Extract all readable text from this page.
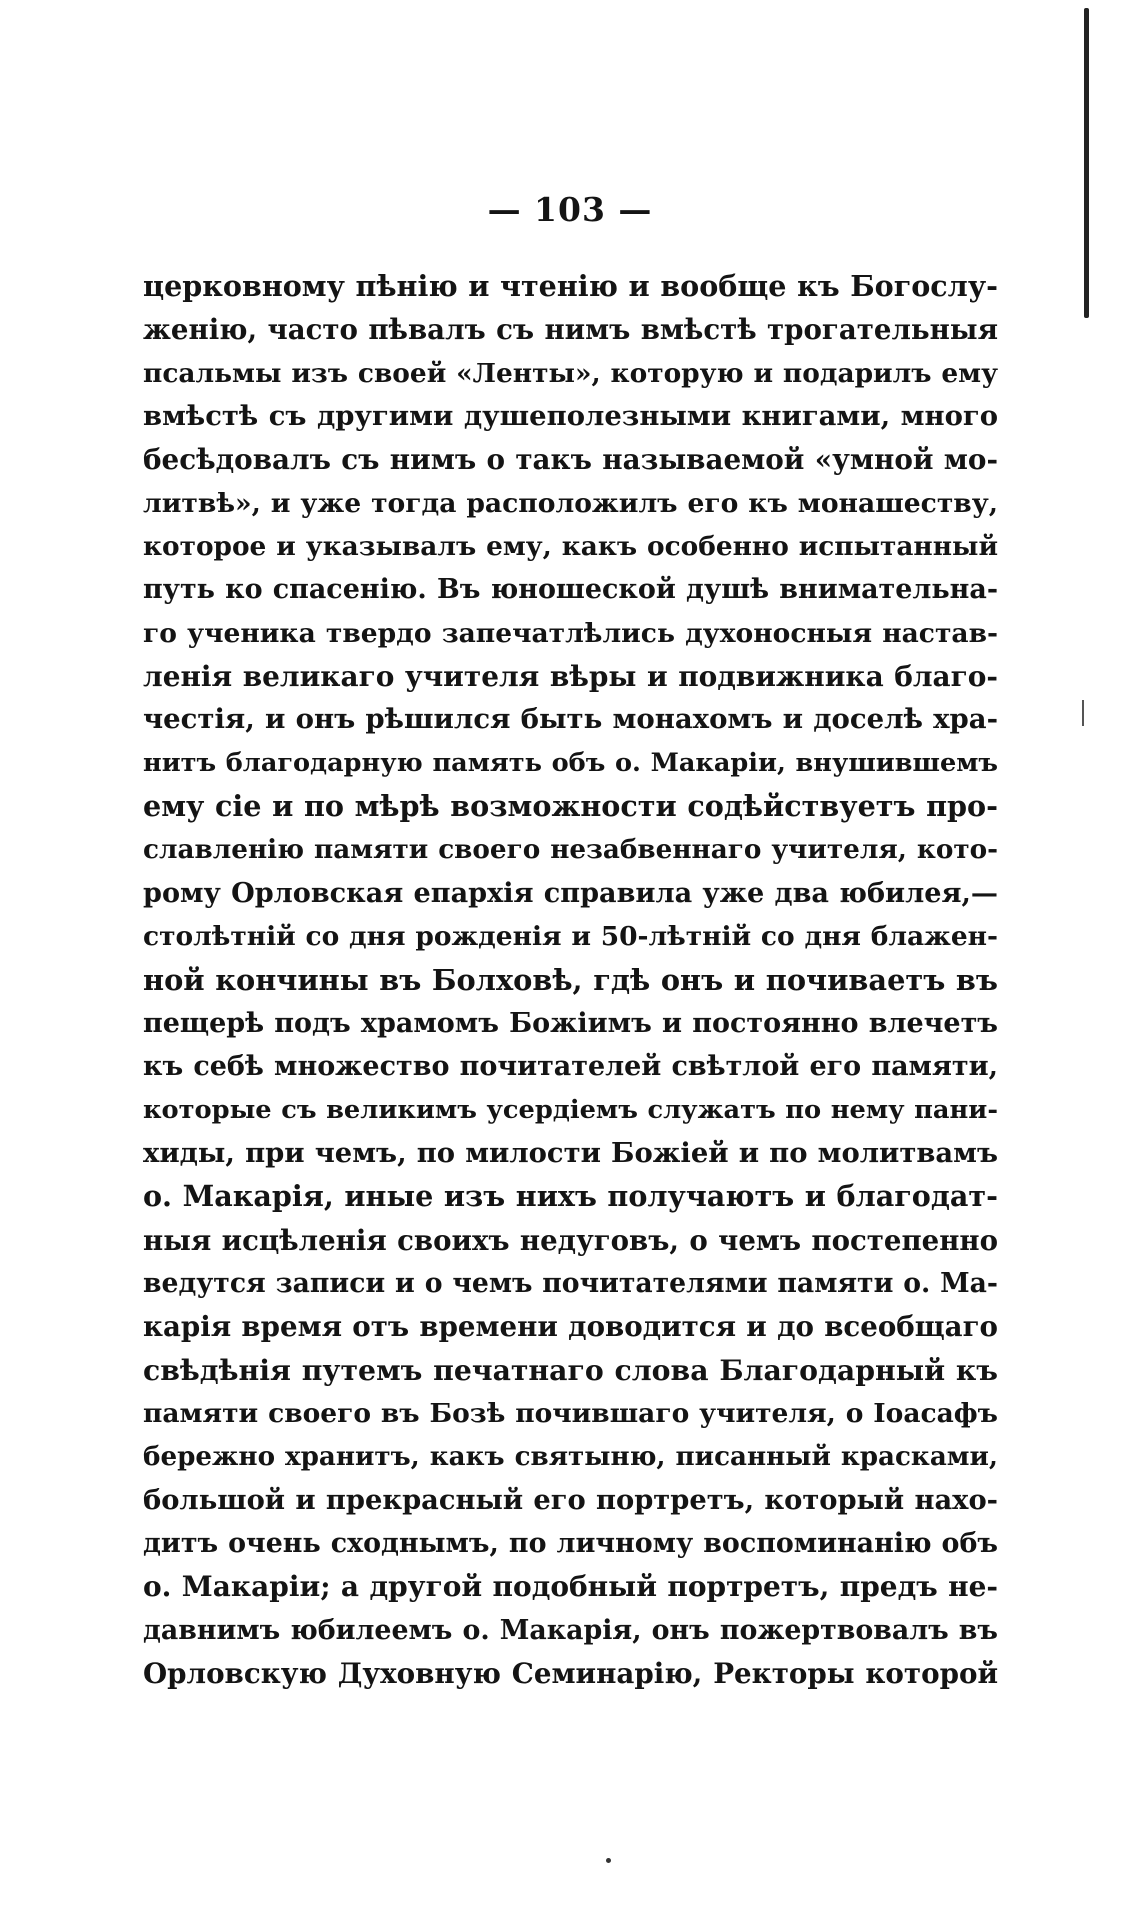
— 103 —
церковному пѣнію и чтенію и вообще къ Богослу-
женію, часто пѣвалъ съ нимъ вмѣстѣ трогательныя
псальмы изъ своей «Ленты», которую и подарилъ ему
вмѣстѣ съ другими душеполезными книгами, много
бесѣдовалъ съ нимъ о такъ называемой «умной мо-
литвѣ», и уже тогда расположилъ его къ монашеству,
которое и указывалъ ему, какъ особенно испытанный
путь ко спасенію. Въ юношеской душѣ внимательна-
го ученика твердо запечатлѣлись духоносныя настав-
ленія великаго учителя вѣры и подвижника благо-
честія, и онъ рѣшился быть монахомъ и доселѣ хра-
нитъ благодарную память объ о. Макаріи, внушившемъ
ему сіе и по мѣрѣ возможности содѣйствуетъ про-
славленію памяти своего незабвеннаго учителя, кото-
рому Орловская епархія справила уже два юбилея,—
столѣтній со дня рожденія и 50-лѣтній со дня блажен-
ной кончины въ Болховѣ, гдѣ онъ и почиваетъ въ
пещерѣ подъ храмомъ Божіимъ и постоянно влечетъ
къ себѣ множество почитателей свѣтлой его памяти,
которые съ великимъ усердіемъ служатъ по нему пани-
хиды, при чемъ, по милости Божіей и по молитвамъ
о. Макарія, иные изъ нихъ получаютъ и благодат-
ныя исцѣленія своихъ недуговъ, о чемъ постепенно
ведутся записи и о чемъ почитателями памяти о. Ма-
карія время отъ времени доводится и до всеобщаго
свѣдѣнія путемъ печатнаго слова Благодарный къ
памяти своего въ Бозѣ почившаго учителя, о Іоасафъ
бережно хранитъ, какъ святыню, писанный красками,
большой и прекрасный его портретъ, который нахо-
дитъ очень сходнымъ, по личному воспоминанію объ
о. Макаріи; а другой подобный портретъ, предъ не-
давнимъ юбилеемъ о. Макарія, онъ пожертвовалъ въ
Орловскую Духовную Семинарію, Ректоры которой
